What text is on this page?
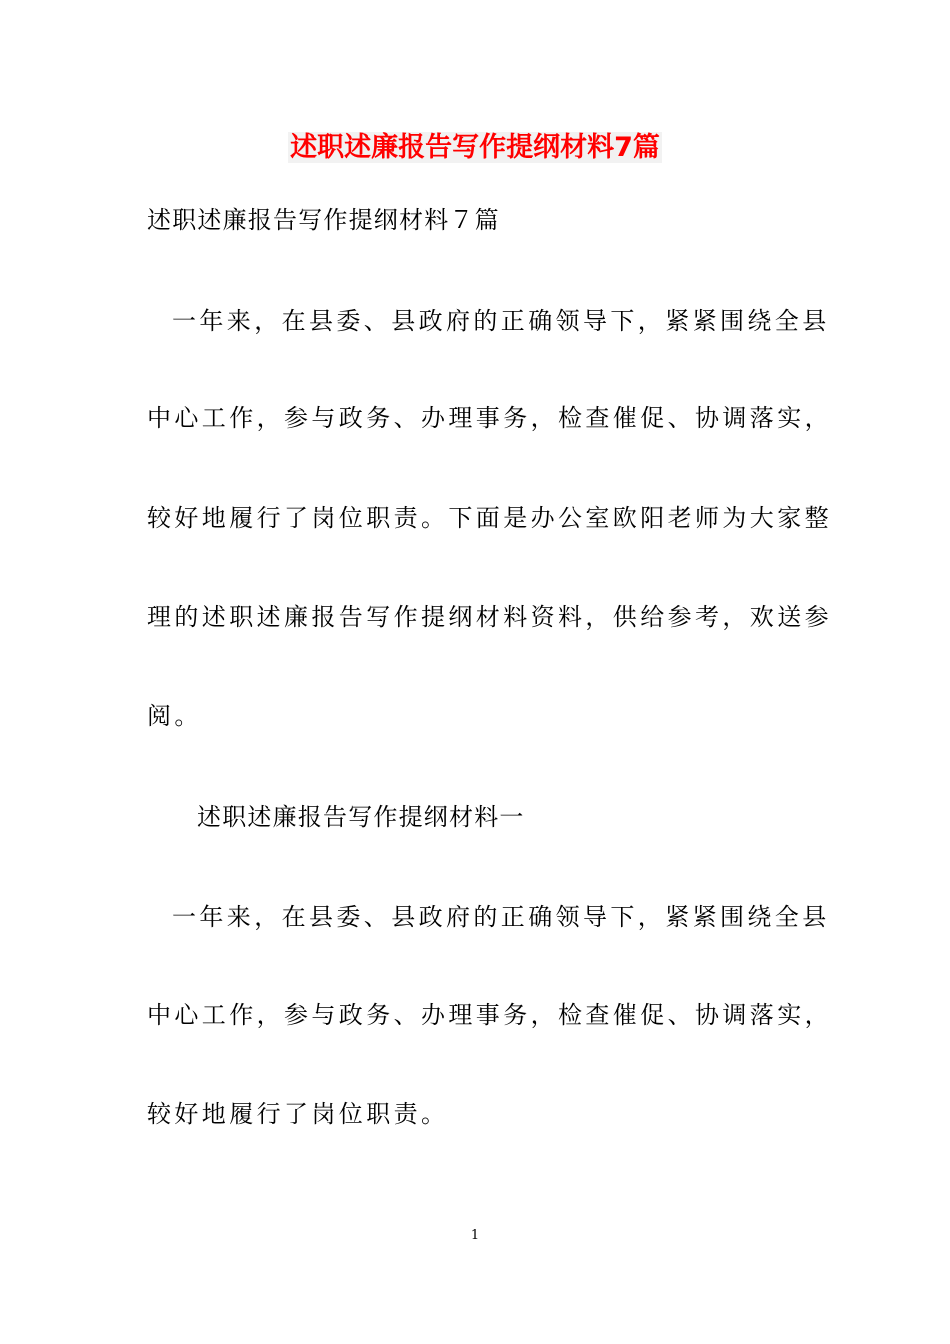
述职述廉报告写作提纲材料7篇
述职述廉报告写作提纲材料７篇
一年来，在县委、县政府的正确领导下，紧紧围绕全县
中心工作，参与政务、办理事务，检查催促、协调落实，
较好地履行了岗位职责。下面是办公室欧阳老师为大家整
理的述职述廉报告写作提纲材料资料，供给参考，欢送参
阅。
述职述廉报告写作提纲材料一
一年来，在县委、县政府的正确领导下，紧紧围绕全县
中心工作，参与政务、办理事务，检查催促、协调落实，
较好地履行了岗位职责。
1
